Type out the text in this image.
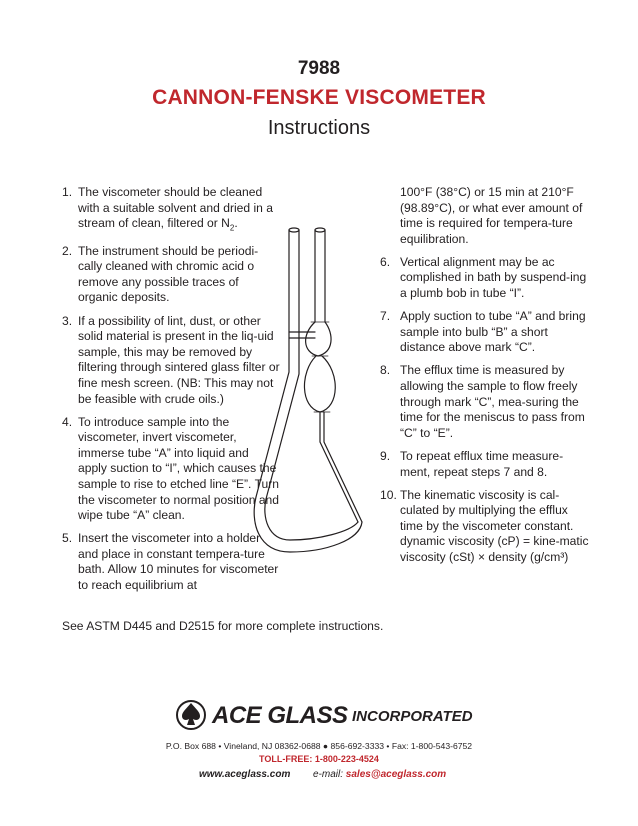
7988
CANNON-FENSKE VISCOMETER
Instructions
1. The viscometer should be cleaned with a suitable solvent and dried in a stream of clean, filtered or $N_2$.
2. The instrument should be periodi-cally cleaned with chromic acid o remove any possible traces of organic deposits.
3. If a possibility of lint, dust, or other solid material is present in the liq-uid sample, this may be removed by filtering through sintered glass filter or fine mesh screen. (NB: This may not be feasible with crude oils.)
4. To introduce sample into the viscometer, invert viscometer, immerse tube “A” into liquid and apply suction to “I”, which causes the sample to rise to etched line “E”. Turn the viscometer to normal position and wipe tube “A” clean.
5. Insert the viscometer into a holder and place in constant tempera-ture bath. Allow 10 minutes for viscometer to reach equilibrium at
100°F (38°C) or 15 min at 210°F (98.89°C), or what ever amount of time is required for tempera-ture equilibration.
6. Vertical alignment may be ac complished in bath by suspend-ing a plumb bob in tube “I”.
7. Apply suction to tube “A” and bring sample into bulb “B” a short distance above mark “C”.
8. The efflux time is measured by allowing the sample to flow freely through mark “C”, mea-suring the time for the meniscus to pass from “C” to “E”.
9. To repeat efflux time measure-ment, repeat steps 7 and 8.
10. The kinematic viscosity is cal-culated by multiplying the efflux time by the viscometer constant. dynamic viscosity (cP) = kine-matic viscosity (cSt) × density (g/cm³)
See ASTM D445 and D2515 for more complete instructions.
ACE GLASS INCORPORATED
P.O. Box 688 • Vineland, NJ 08362-0688 ● 856-692-3333 • Fax: 1-800-543-6752
TOLL-FREE: 1-800-223-4524
www.aceglass.com e-mail: sales@aceglass.com
